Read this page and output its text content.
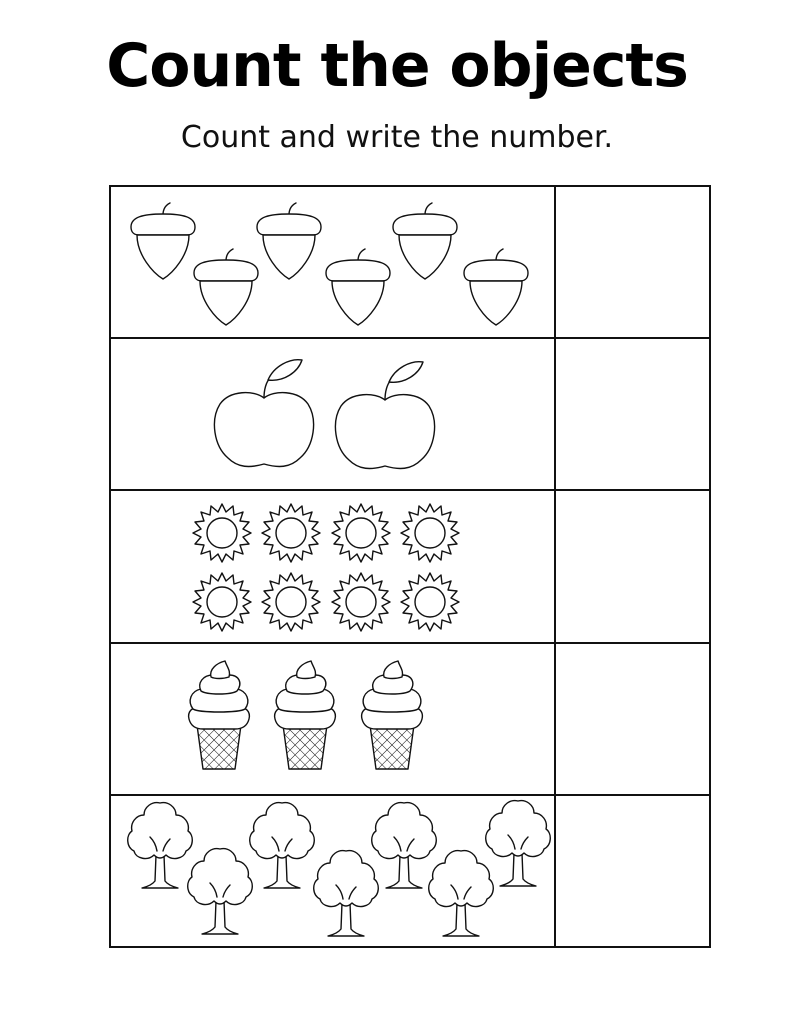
Count the objects
Count and write the number.
